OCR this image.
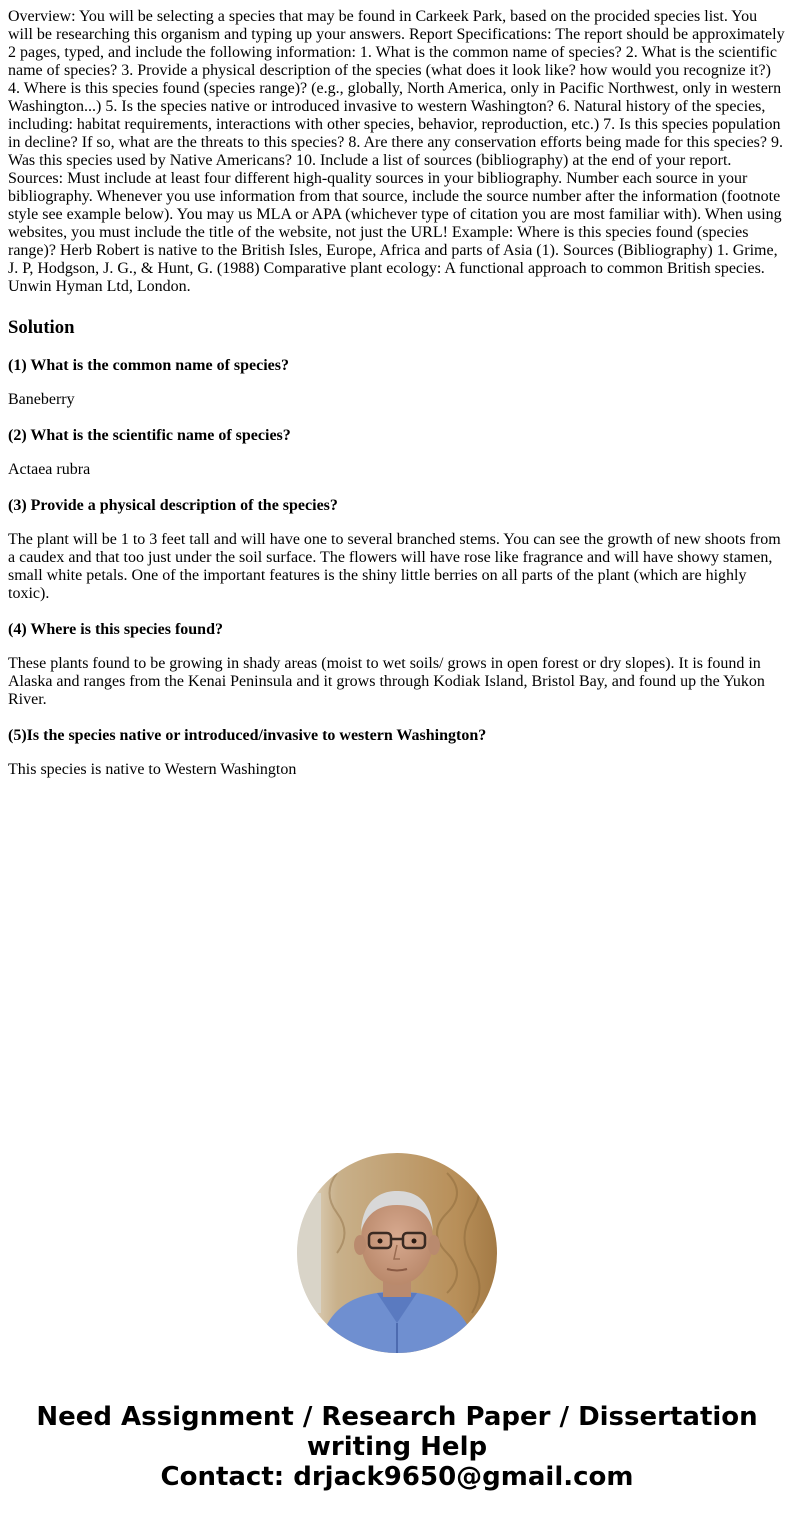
Overview: You will be selecting a species that may be found in Carkeek Park, based on the procided species list. You will be researching this organism and typing up your answers. Report Specifications: The report should be approximately 2 pages, typed, and include the following information: 1. What is the common name of species? 2. What is the scientific name of species? 3. Provide a physical description of the species (what does it look like? how would you recognize it?) 4. Where is this species found (species range)? (e.g., globally, North America, only in Pacific Northwest, only in western Washington...) 5. Is the species native or introduced invasive to western Washington? 6. Natural history of the species, including: habitat requirements, interactions with other species, behavior, reproduction, etc.) 7. Is this species population in decline? If so, what are the threats to this species? 8. Are there any conservation efforts being made for this species? 9. Was this species used by Native Americans? 10. Include a list of sources (bibliography) at the end of your report. Sources: Must include at least four different high-quality sources in your bibliography. Number each source in your bibliography. Whenever you use information from that source, include the source number after the information (footnote style see example below). You may us MLA or APA (whichever type of citation you are most familiar with). When using websites, you must include the title of the website, not just the URL! Example: Where is this species found (species range)? Herb Robert is native to the British Isles, Europe, Africa and parts of Asia (1). Sources (Bibliography) 1. Grime, J. P, Hodgson, J. G., & Hunt, G. (1988) Comparative plant ecology: A functional approach to common British species. Unwin Hyman Ltd, London.

Solution

(1) What is the common name of species?

Baneberry

(2) What is the scientific name of species?

Actaea rubra

(3) Provide a physical description of the species?

The plant will be 1 to 3 feet tall and will have one to several branched stems. You can see the growth of new shoots from a caudex and that too just under the soil surface. The flowers will have rose like fragrance and will have showy stamen, small white petals. One of the important features is the shiny little berries on all parts of the plant (which are highly toxic).

(4) Where is this species found?

These plants found to be growing in shady areas (moist to wet soils/ grows in open forest or dry slopes). It is found in Alaska and ranges from the Kenai Peninsula and it grows through Kodiak Island, Bristol Bay, and found up the Yukon River.

(5)Is the species native or introduced/invasive to western Washington?

This species is native to Western Washington

Need Assignment / Research Paper / Dissertation
writing Help
Contact: drjack9650@gmail.com
